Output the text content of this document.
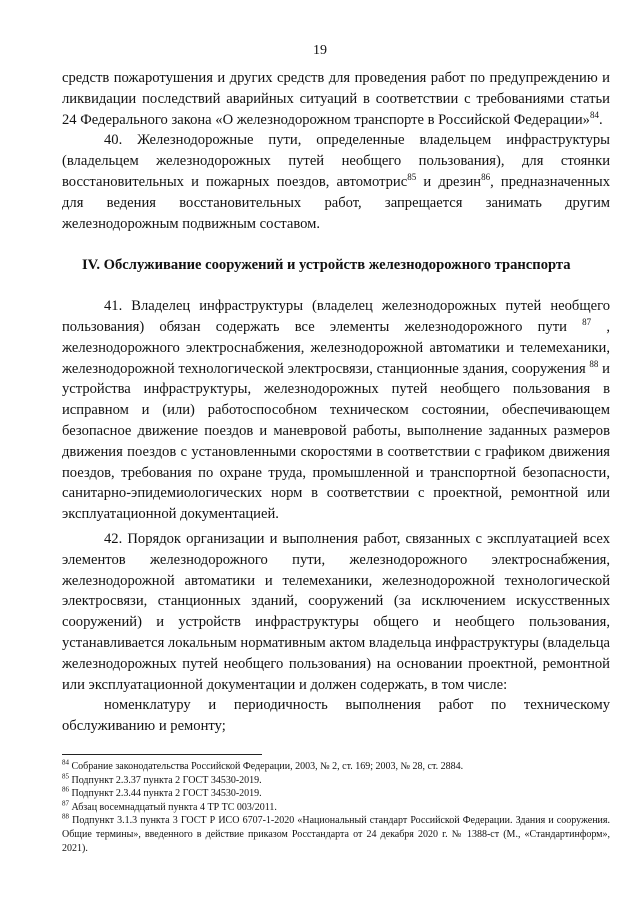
19

средств пожаротушения и других средств для проведения работ по предупреждению и ликвидации последствий аварийных ситуаций в соответствии с требованиями статьи 24 Федерального закона «О железнодорожном транспорте в Российской Федерации»$^{84}$.

40. Железнодорожные пути, определенные владельцем инфраструктуры (владельцем железнодорожных путей необщего пользования), для стоянки восстановительных и пожарных поездов, автомотрис$^{85}$ и дрезин$^{86}$, предназначенных для ведения восстановительных работ, запрещается занимать другим железнодорожным подвижным составом.

IV. Обслуживание сооружений и устройств железнодорожного транспорта

41. Владелец инфраструктуры (владелец железнодорожных путей необщего пользования) обязан содержать все элементы железнодорожного пути $^{87}$ , железнодорожного электроснабжения, железнодорожной автоматики и телемеханики, железнодорожной технологической электросвязи, станционные здания, сооружения $^{88}$ и устройства инфраструктуры, железнодорожных путей необщего пользования в исправном и (или) работоспособном техническом состоянии, обеспечивающем безопасное движение поездов и маневровой работы, выполнение заданных размеров движения поездов с установленными скоростями в соответствии с графиком движения поездов, требования по охране труда, промышленной и транспортной безопасности, санитарно-эпидемиологических норм в соответствии с проектной, ремонтной или эксплуатационной документацией.

42. Порядок организации и выполнения работ, связанных с эксплуатацией всех элементов железнодорожного пути, железнодорожного электроснабжения, железнодорожной автоматики и телемеханики, железнодорожной технологической электросвязи, станционных зданий, сооружений (за исключением искусственных сооружений) и устройств инфраструктуры общего и необщего пользования, устанавливается локальным нормативным актом владельца инфраструктуры (владельца железнодорожных путей необщего пользования) на основании проектной, ремонтной или эксплуатационной документации и должен содержать, в том числе:

номенклатуру и периодичность выполнения работ по техническому обслуживанию и ремонту;

$^{84}$ Собрание законодательства Российской Федерации, 2003, № 2, ст. 169; 2003, № 28, ст. 2884.

$^{85}$ Подпункт 2.3.37 пункта 2 ГОСТ 34530-2019.

$^{86}$ Подпункт 2.3.44 пункта 2 ГОСТ 34530-2019.

$^{87}$ Абзац восемнадцатый пункта 4 ТР ТС 003/2011.

$^{88}$ Подпункт 3.1.3 пункта 3 ГОСТ Р ИСО 6707-1-2020 «Национальный стандарт Российской Федерации. Здания и сооружения. Общие термины», введенного в действие приказом Росстандарта от 24 декабря 2020 г. № 1388-ст (М., «Стандартинформ», 2021).
